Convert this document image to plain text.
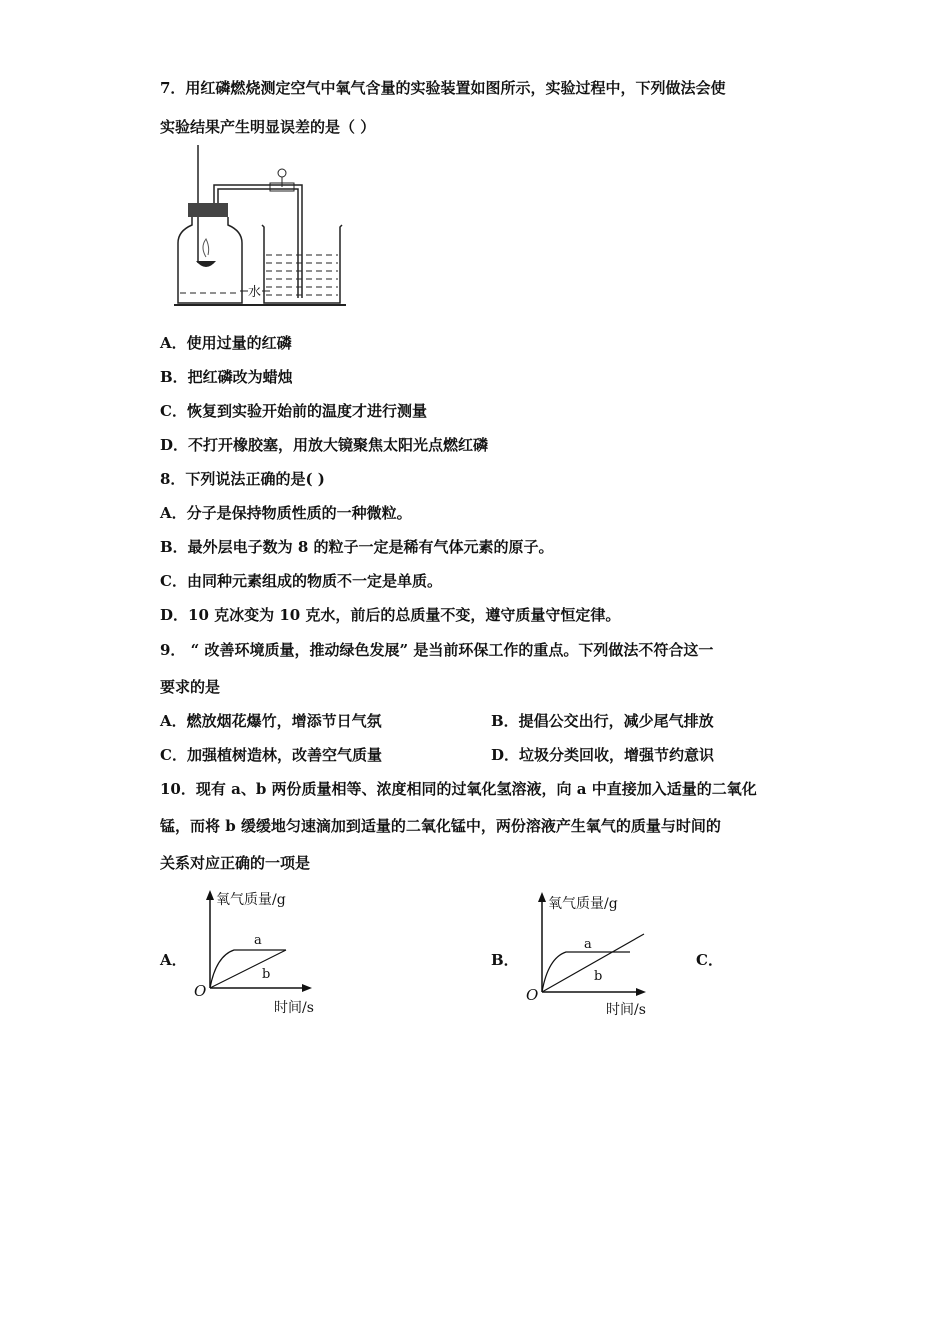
7．用红磷燃烧测定空气中氧气含量的实验装置如图所示，实验过程中，下列做法会使
实验结果产生明显误差的是（ ）
水
A．使用过量的红磷
B．把红磷改为蜡烛
C．恢复到实验开始前的温度才进行测量
D．不打开橡胶塞，用放大镜聚焦太阳光点燃红磷
8．下列说法正确的是( )
A．分子是保持物质性质的一种微粒。
B．最外层电子数为 8 的粒子一定是稀有气体元素的原子。
C．由同种元素组成的物质不一定是单质。
D．10 克冰变为 10 克水，前后的总质量不变，遵守质量守恒定律。
9． “ 改善环境质量，推动绿色发展” 是当前环保工作的重点。下列做法不符合这一
要求的是
A．燃放烟花爆竹，增添节日气氛	B．提倡公交出行，减少尾气排放
C．加强植树造林，改善空气质量	D．垃圾分类回收，增强节约意识
10．现有 a、b 两份质量相等、浓度相同的过氧化氢溶液，向 a 中直接加入适量的二氧化
锰，而将 b 缓缓地匀速滴加到适量的二氧化锰中，两份溶液产生氧气的质量与时间的
关系对应正确的一项是
A．	B．	C．
氧气质量/g
时间/s
O
a
b
氧气质量/g
时间/s
O
a
b
